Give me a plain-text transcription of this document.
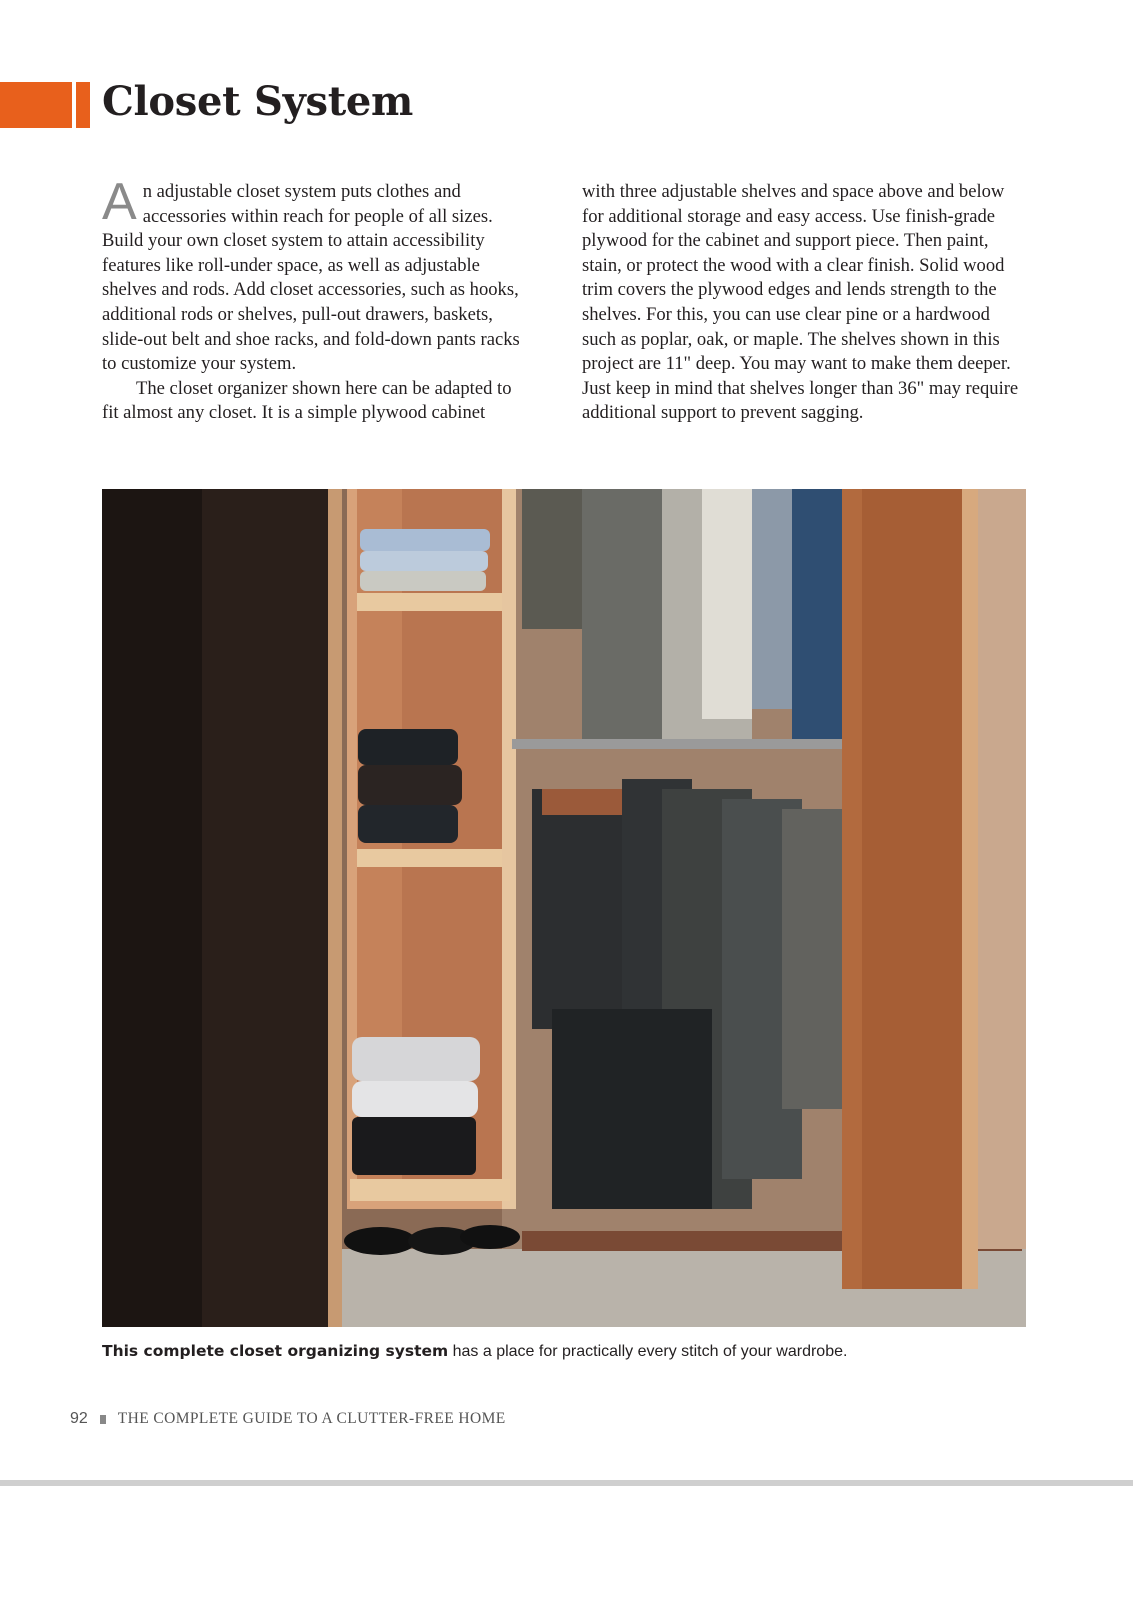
Closet System

An adjustable closet system puts clothes and accessories within reach for people of all sizes. Build your own closet system to attain accessibility features like roll-under space, as well as adjustable shelves and rods. Add closet accessories, such as hooks, additional rods or shelves, pull-out drawers, baskets, slide-out belt and shoe racks, and fold-down pants racks to customize your system.

The closet organizer shown here can be adapted to fit almost any closet. It is a simple plywood cabinet

with three adjustable shelves and space above and below for additional storage and easy access. Use finish-grade plywood for the cabinet and support piece. Then paint, stain, or protect the wood with a clear finish. Solid wood trim covers the plywood edges and lends strength to the shelves. For this, you can use clear pine or a hardwood such as poplar, oak, or maple. The shelves shown in this project are 11" deep. You may want to make them deeper. Just keep in mind that shelves longer than 36" may require additional support to prevent sagging.

This complete closet organizing system has a place for practically every stitch of your wardrobe.

92 THE COMPLETE GUIDE TO A CLUTTER-FREE HOME
